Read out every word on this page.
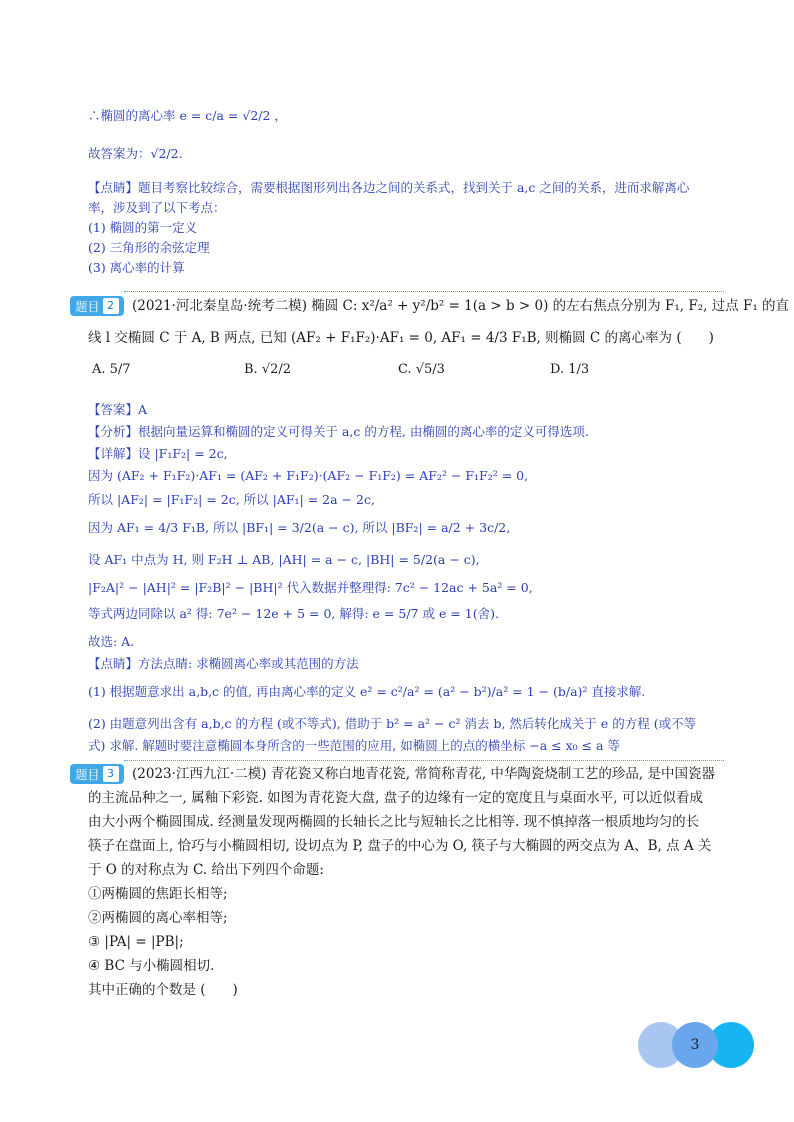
∴椭圆的离心率 e = c/a = √2/2 ，
故答案为：√2/2.
【点睛】题目考察比较综合，需要根据图形列出各边之间的关系式，找到关于 a,c 之间的关系，进而求解离心
率，涉及到了以下考点：
(1) 椭圆的第一定义
(2) 三角形的余弦定理
(3) 离心率的计算
题目 2	(2021·河北秦皇岛·统考二模) 椭圆 C: x²/a² + y²/b² = 1(a > b > 0) 的左右焦点分别为 F₁, F₂, 过点 F₁ 的直
线 l 交椭圆 C 于 A, B 两点, 已知 (AF₂ + F₁F₂)·AF₁ = 0, AF₁ = 4/3 F₁B, 则椭圆 C 的离心率为 (　　)
A. 5/7	B. √2/2	C. √5/3	D. 1/3
【答案】A
【分析】根据向量运算和椭圆的定义可得关于 a,c 的方程, 由椭圆的离心率的定义可得选项.
【详解】设 |F₁F₂| = 2c,
因为 (AF₂ + F₁F₂)·AF₁ = (AF₂ + F₁F₂)·(AF₂ − F₁F₂) = AF₂² − F₁F₂² = 0,
所以 |AF₂| = |F₁F₂| = 2c, 所以 |AF₁| = 2a − 2c,
因为 AF₁ = 4/3 F₁B, 所以 |BF₁| = 3/2(a − c), 所以 |BF₂| = a/2 + 3c/2,
设 AF₁ 中点为 H, 则 F₂H ⊥ AB, |AH| = a − c, |BH| = 5/2(a − c),
|F₂A|² − |AH|² = |F₂B|² − |BH|² 代入数据并整理得: 7c² − 12ac + 5a² = 0,
等式两边同除以 a² 得: 7e² − 12e + 5 = 0, 解得: e = 5/7 或 e = 1(舍).
故选: A.
【点睛】方法点睛: 求椭圆离心率或其范围的方法
(1) 根据题意求出 a,b,c 的值, 再由离心率的定义 e² = c²/a² = (a² − b²)/a² = 1 − (b/a)² 直接求解.
(2) 由题意列出含有 a,b,c 的方程 (或不等式), 借助于 b² = a² − c² 消去 b, 然后转化成关于 e 的方程 (或不等
式) 求解. 解题时要注意椭圆本身所含的一些范围的应用, 如椭圆上的点的横坐标 −a ≤ x₀ ≤ a 等
题目 3	(2023·江西九江·二模) 青花瓷又称白地青花瓷, 常简称青花, 中华陶瓷烧制工艺的珍品, 是中国瓷器
的主流品种之一, 属釉下彩瓷. 如图为青花瓷大盘, 盘子的边缘有一定的宽度且与桌面水平, 可以近似看成
由大小两个椭圆围成. 经测量发现两椭圆的长轴长之比与短轴长之比相等. 现不慎掉落一根质地均匀的长
筷子在盘面上, 恰巧与小椭圆相切, 设切点为 P, 盘子的中心为 O, 筷子与大椭圆的两交点为 A、B, 点 A 关
于 O 的对称点为 C. 给出下列四个命题:
①两椭圆的焦距长相等;
②两椭圆的离心率相等;
③ |PA| = |PB|;
④ BC 与小椭圆相切.
其中正确的个数是 (　　)
3
